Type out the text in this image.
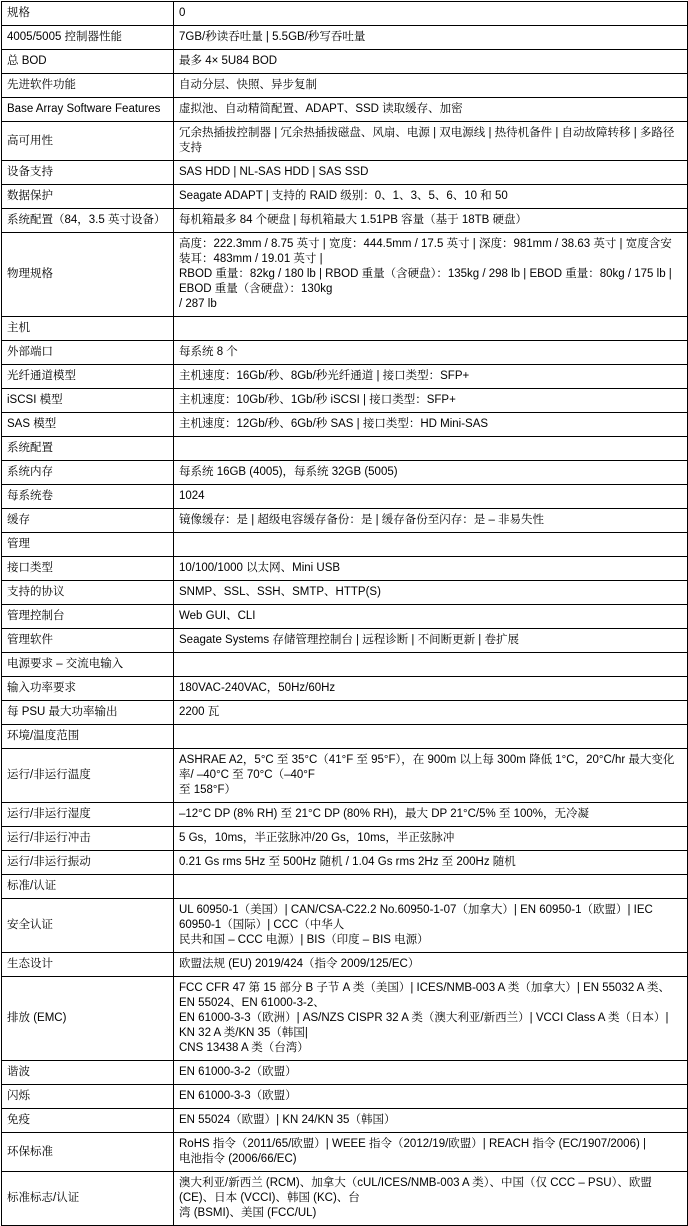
规格	0
4005/5005 控制器性能	7GB/秒读吞吐量 | 5.5GB/秒写吞吐量
总 BOD	最多 4× 5U84 BOD
先进软件功能	自动分层、快照、异步复制
Base Array Software Features	虚拟池、自动精简配置、ADAPT、SSD 读取缓存、加密
高可用性	冗余热插拔控制器 | 冗余热插拔磁盘、风扇、电源 | 双电源线 | 热待机备件 | 自动故障转移 | 多路径支持
设备支持	SAS HDD | NL-SAS HDD | SAS SSD
数据保护	Seagate ADAPT | 支持的 RAID 级别：0、1、3、5、6、10 和 50
系统配置（84，3.5 英寸设备）	每机箱最多 84 个硬盘 | 每机箱最大 1.51PB 容量（基于 18TB 硬盘）
物理规格	高度：222.3mm / 8.75 英寸 | 宽度：444.5mm / 17.5 英寸 | 深度：981mm / 38.63 英寸 | 宽度含安装耳：483mm / 19.01 英寸 |
RBOD 重量：82kg / 180 lb | RBOD 重量（含硬盘）：135kg / 298 lb | EBOD 重量：80kg / 175 lb | EBOD 重量（含硬盘）：130kg
/ 287 lb

主机	
外部端口	每系统 8 个
光纤通道模型	主机速度：16Gb/秒、8Gb/秒光纤通道 | 接口类型：SFP+
iSCSI 模型	主机速度：10Gb/秒、1Gb/秒 iSCSI | 接口类型：SFP+
SAS 模型	主机速度：12Gb/秒、6Gb/秒 SAS | 接口类型：HD Mini-SAS
系统配置	
系统内存	每系统 16GB (4005)，每系统 32GB (5005)
每系统卷	1024
缓存	镜像缓存：是 | 超级电容缓存备份：是 | 缓存备份至闪存：是 – 非易失性
管理	
接口类型	10/100/1000 以太网、Mini USB
支持的协议	SNMP、SSL、SSH、SMTP、HTTP(S)
管理控制台	Web GUI、CLI
管理软件	Seagate Systems 存储管理控制台 | 远程诊断 | 不间断更新 | 卷扩展
电源要求 – 交流电输入	
输入功率要求	180VAC-240VAC，50Hz/60Hz
每 PSU 最大功率输出	2200 瓦
环境/温度范围	
运行/非运行温度	ASHRAE A2，5°C 至 35°C（41°F 至 95°F），在 900m 以上每 300m 降低 1°C，20°C/hr 最大变化率/ –40°C 至 70°C（–40°F
至 158°F）

运行/非运行湿度	–12°C DP (8% RH) 至 21°C DP (80% RH)，最大 DP 21°C/5% 至 100%，无冷凝
运行/非运行冲击	5 Gs，10ms，半正弦脉冲/20 Gs，10ms，半正弦脉冲
运行/非运行振动	0.21 Gs rms 5Hz 至 500Hz 随机 / 1.04 Gs rms 2Hz 至 200Hz 随机
标准/认证	
安全认证	UL 60950-1（美国）| CAN/CSA-C22.2 No.60950-1-07（加拿大）| EN 60950-1（欧盟）| IEC 60950-1（国际）| CCC（中华人
民共和国 – CCC 电源）| BIS（印度 – BIS 电源）

生态设计	欧盟法规 (EU) 2019/424（指令 2009/125/EC）
排放 (EMC)	FCC CFR 47 第 15 部分 B 子节 A 类（美国）| ICES/NMB-003 A 类（加拿大）| EN 55032 A 类、EN 55024、EN 61000-3-2、
EN 61000-3-3（欧洲）| AS/NZS CISPR 32 A 类（澳大利亚/新西兰）| VCCI Class A 类（日本）| KN 32 A 类/KN 35（韩国|
CNS 13438 A 类（台湾）

谐波	EN 61000-3-2（欧盟）
闪烁	EN 61000-3-3（欧盟）
免疫	EN 55024（欧盟）| KN 24/KN 35（韩国）
环保标准	RoHS 指令（2011/65/欧盟）| WEEE 指令（2012/19/欧盟）| REACH 指令 (EC/1907/2006) |
电池指令 (2006/66/EC)

标准标志/认证	澳大利亚/新西兰 (RCM)、加拿大（cUL/ICES/NMB-003 A 类）、中国（仅 CCC – PSU）、欧盟 (CE)、日本 (VCCI)、韩国 (KC)、台
湾 (BSMI)、美国 (FCC/UL)
